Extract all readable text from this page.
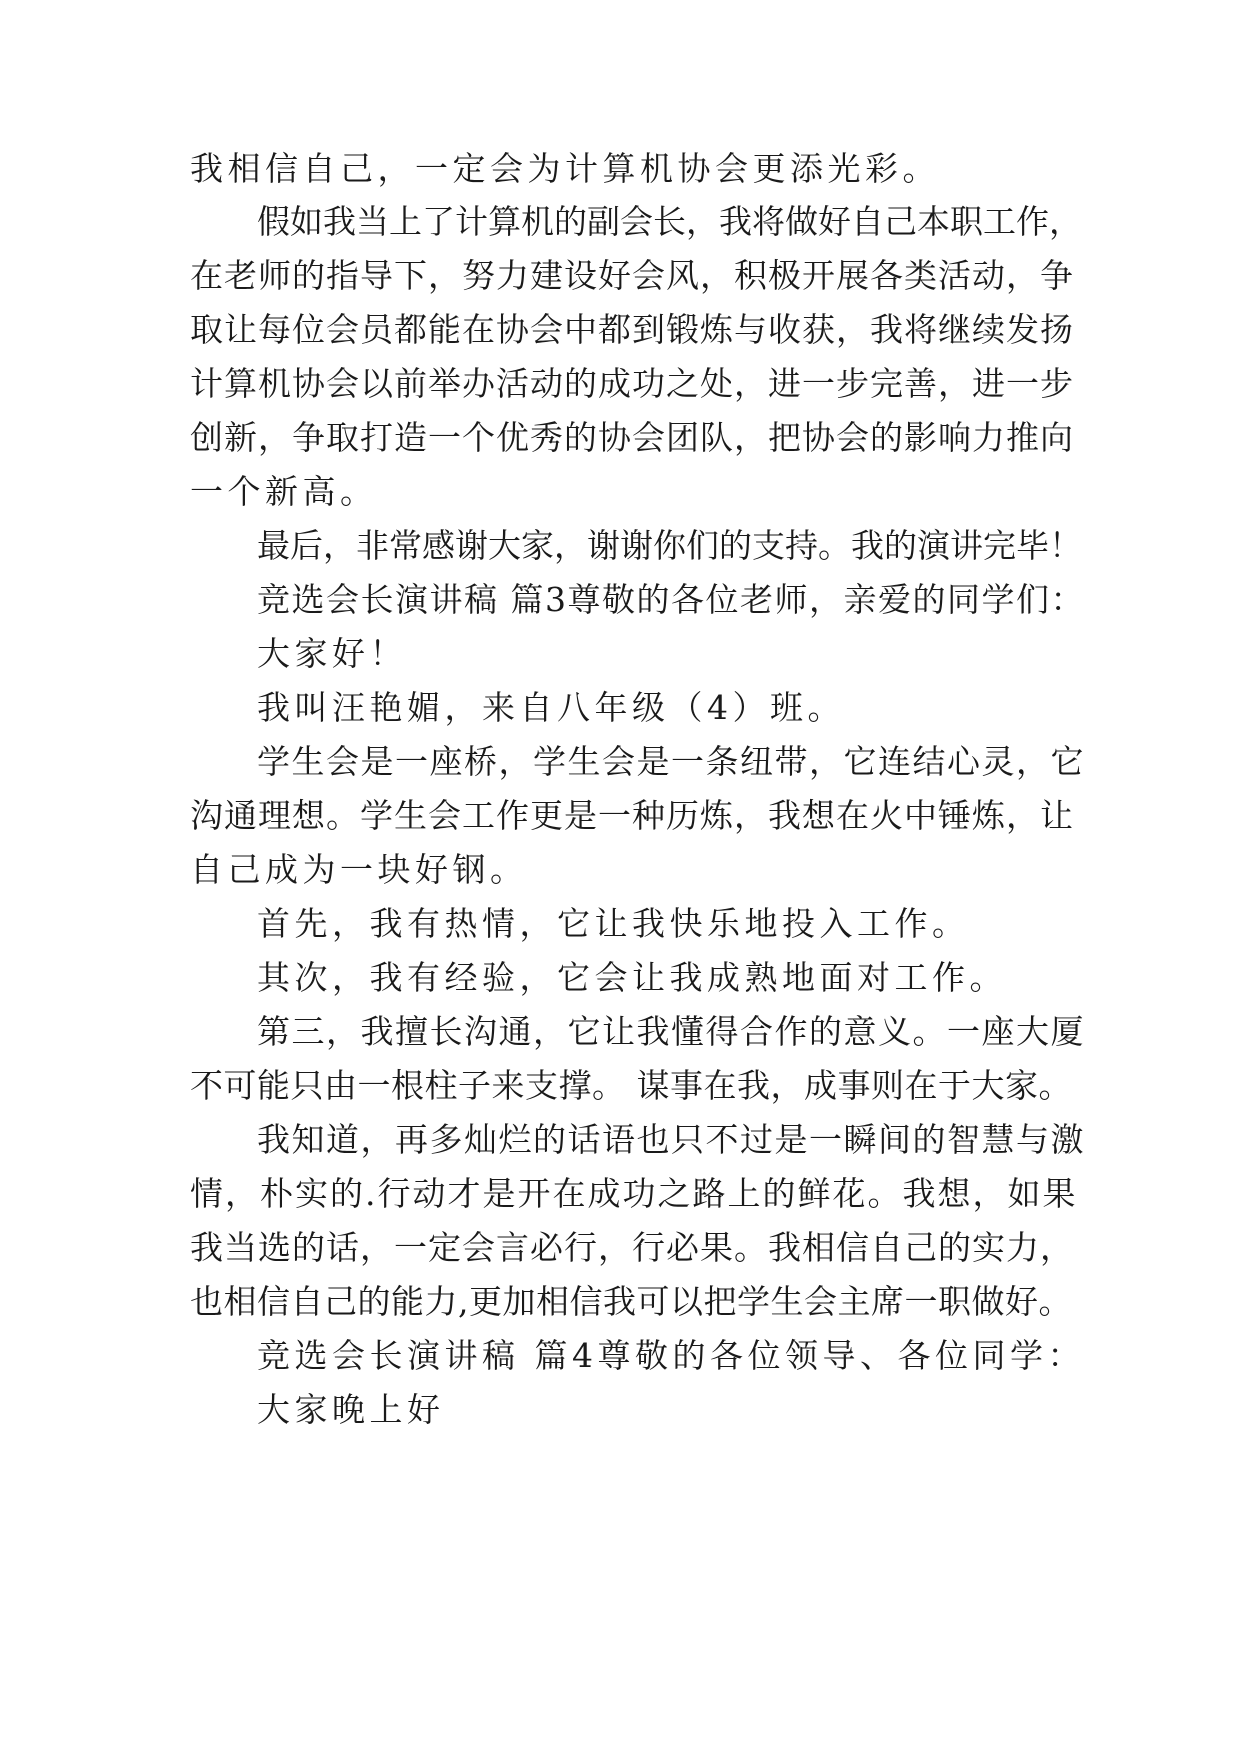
我相信自己，一定会为计算机协会更添光彩。
假如我当上了计算机的副会长，我将做好自己本职工作，
在老师的指导下，努力建设好会风，积极开展各类活动，争
取让每位会员都能在协会中都到锻炼与收获，我将继续发扬
计算机协会以前举办活动的成功之处，进一步完善，进一步
创新，争取打造一个优秀的协会团队，把协会的影响力推向
一个新高。
最后，非常感谢大家，谢谢你们的支持。我的演讲完毕！
竞选会长演讲稿 篇3尊敬的各位老师，亲爱的同学们：
大家好！
我叫汪艳媚，来自八年级（4）班。
学生会是一座桥，学生会是一条纽带，它连结心灵，它
沟通理想。学生会工作更是一种历炼，我想在火中锤炼，让
自己成为一块好钢。
首先，我有热情，它让我快乐地投入工作。
其次，我有经验，它会让我成熟地面对工作。
第三，我擅长沟通，它让我懂得合作的意义。一座大厦
不可能只由一根柱子来支撑。 谋事在我，成事则在于大家。
我知道，再多灿烂的话语也只不过是一瞬间的智慧与激
情，朴实的.行动才是开在成功之路上的鲜花。我想，如果
我当选的话，一定会言必行，行必果。我相信自己的实力，
也相信自己的能力,更加相信我可以把学生会主席一职做好。
竞选会长演讲稿 篇4尊敬的各位领导、各位同学：
大家晚上好
